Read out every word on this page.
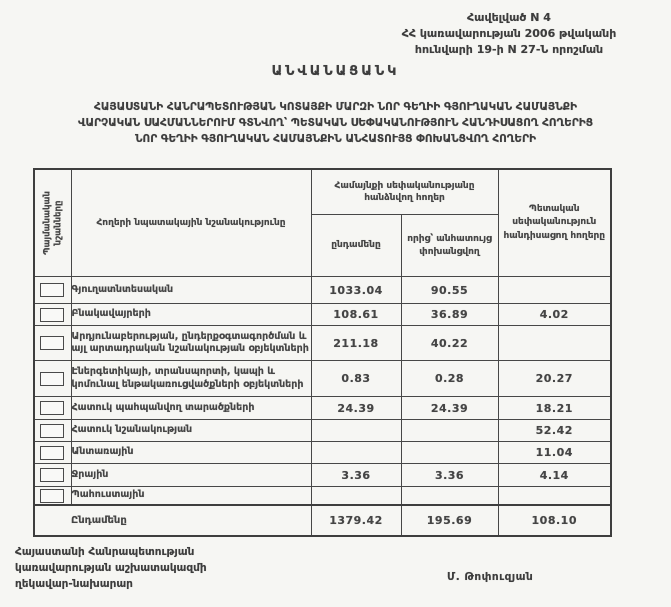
Հավելված N 4
ՀՀ կառավարության 2006 թվականի
հունվարի 19-ի N 27-Ն որոշման
ԱՆՎԱՆԱՑԱՆԿ
ՀԱՅԱՍՏԱՆԻ ՀԱՆՐԱՊԵՏՈՒԹՅԱՆ ԿՈՏԱՅՔԻ ՄԱՐԶԻ ՆՈՐ ԳԵՂԻԻ ԳՅՈՒՂԱԿԱՆ ՀԱՄԱՅՆՔԻ
ՎԱՐՉԱԿԱՆ ՍԱՀՄԱՆՆԵՐՈՒՄ ԳՏՆՎՈՂ՝ ՊԵՏԱԿԱՆ ՍԵՓԱԿԱՆՈՒԹՅՈՒՆ ՀԱՆԴԻՍԱՑՈՂ ՀՈՂԵՐԻՑ
ՆՈՐ ԳԵՂԻԻ ԳՅՈՒՂԱԿԱՆ ՀԱՄԱՅՆՔԻՆ ԱՆՀԱՏՈՒՅՑ ՓՈԽԱՆՑՎՈՂ ՀՈՂԵՐԻ
Պայմանական նշանները	Հողերի նպատակային նշանակությունը	Համայնքի սեփականությանը հանձնվող հողեր		Պետական սեփականություն հանդիսացող հողերը
		ընդամենը	որից՝ անհատույց փոխանցվող	

	Գյուղատնտեսական	1033.04	90.55	

	Բնակավայրերի	108.61	36.89	4.02

	Արդյունաբերության, ընդերքօգտագործման և այլ արտադրական նշանակության օբյեկտների	211.18	40.22	

	Էներգետիկայի, տրանսպորտի, կապի և կոմունալ ենթակառուցվածքների օբյեկտների	0.83	0.28	20.27

	Հատուկ պահպանվող տարածքների	24.39	24.39	18.21

	Հատուկ նշանակության			52.42

	Անտառային			11.04

	Ջրային	3.36	3.36	4.14

	Պահուստային			
Ընդամենը		1379.42	195.69	108.10
Հայաստանի Հանրապետության
կառավարության աշխատակազմի
ղեկավար-նախարար
Մ. Թոփուզյան
